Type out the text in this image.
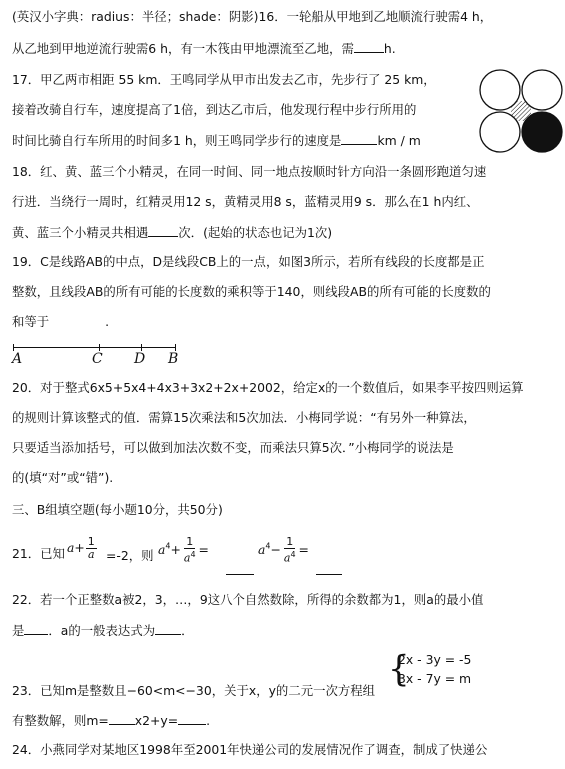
(英汉小字典：radius：半径；shade：阴影)16．一轮船从甲地到乙地顺流行驶需4 h，
从乙地到甲地逆流行驶需6 h，有一木筏由甲地漂流至乙地，需 h.
17．甲乙两市相距 55 km．王鸣同学从甲市出发去乙市，先步行了 25 km，
接着改骑自行车，速度提高了1倍，到达乙市后，他发现行程中步行所用的
时间比骑自行车所用的时间多1 h，则王鸣同学步行的速度是	km / m
18．红、黄、蓝三个小精灵，在同一时间、同一地点按顺时针方向沿一条圆形跑道匀速
行进．当绕行一周时，红精灵用12 s，黄精灵用8 s，蓝精灵用9 s．那么在1 h内红、
黄、蓝三个小精灵共相遇 次．(起始的状态也记为1次)
19．C是线路AB的中点，D是线段CB上的一点，如图3所示，若所有线段的长度都是正
整数，且线段AB的所有可能的长度数的乘积等于140，则线段AB的所有可能的长度数的
和等于	.
A	C D B
20．对于整式6x5+5x4+4x3+3x2+2x+2002，给定x的一个数值后，如果李平按四则运算
的规则计算该整式的值．需算15次乘法和5次加法．小梅同学说：“有另外一种算法，
只要适当添加括号，可以做到加法次数不变，而乘法只算5次．”小梅同学的说法是
的(填“对”或“错”).
三、B组填空题(每小题10分，共50分)
21．已知 $a+ \frac{1}{a} =-2$，则 $a^4+ \frac{1}{a^4}$ =	$a^4- \frac{1}{a^4}$ =
22．若一个正整数a被2，3，…，9这八个自然数除，所得的余数都为1，则a的最小值
是 ．a的一般表达式为 ．
{
2x - 3y = -5
3x - 7y = m
23．已知m是整数且−60<m<−30，关于x，y的二元一次方程组
有整数解，则m= x2+y= .
24．小燕同学对某地区1998年至2001年快递公司的发展情况作了调查，制成了快递公
